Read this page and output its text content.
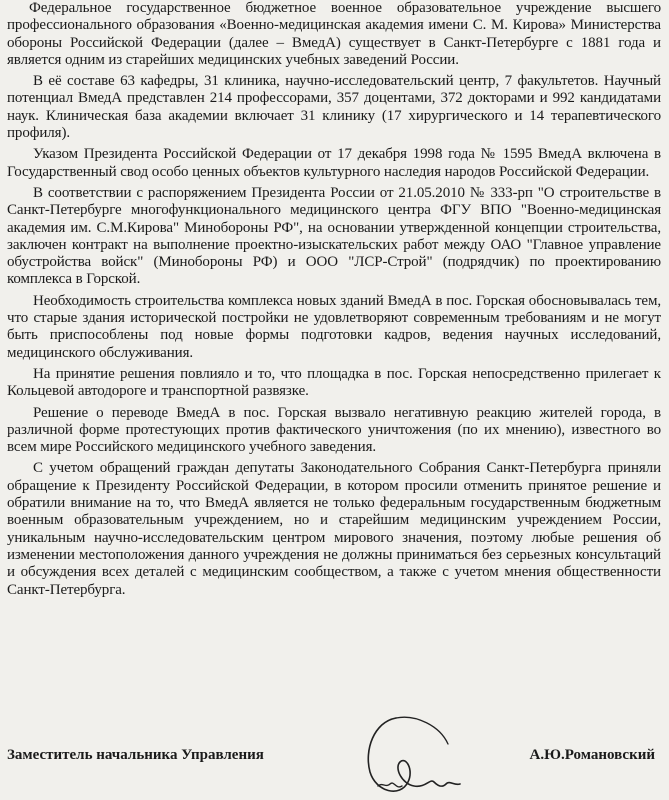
Федеральное государственное бюджетное военное образовательное учреждение высшего профессионального образования «Военно-медицинская академия имени С. М. Кирова» Министерства обороны Российской Федерации (далее – ВмедА) существует в Санкт-Петербурге с 1881 года и является одним из старейших медицинских учебных заведений России.

В её составе 63 кафедры, 31 клиника, научно-исследовательский центр, 7 факультетов. Научный потенциал ВмедА представлен 214 профессорами, 357 доцентами, 372 докторами и 992 кандидатами наук. Клиническая база академии включает 31 клинику (17 хирургического и 14 терапевтического профиля).

Указом Президента Российской Федерации от 17 декабря 1998 года № 1595 ВмедА включена в Государственный свод особо ценных объектов культурного наследия народов Российской Федерации.

В соответствии с распоряжением Президента России от 21.05.2010 № 333-рп "О строительстве в Санкт-Петербурге многофункционального медицинского центра ФГУ ВПО "Военно-медицинская академия им. С.М.Кирова" Минобороны РФ", на основании утвержденной концепции строительства, заключен контракт на выполнение проектно-изыскательских работ между ОАО "Главное управление обустройства войск" (Минобороны РФ) и ООО "ЛСР-Строй" (подрядчик) по проектированию комплекса в Горской.

Необходимость строительства комплекса новых зданий ВмедА в пос. Горская обосновывалась тем, что старые здания исторической постройки не удовлетворяют современным требованиям и не могут быть приспособлены под новые формы подготовки кадров, ведения научных исследований, медицинского обслуживания.

На принятие решения повлияло и то, что площадка в пос. Горская непосредственно прилегает к Кольцевой автодороге и транспортной развязке.

Решение о переводе ВмедА в пос. Горская вызвало негативную реакцию жителей города, в различной форме протестующих против фактического уничтожения (по их мнению), известного во всем мире Российского медицинского учебного заведения.

С учетом обращений граждан депутаты Законодательного Собрания Санкт-Петербурга приняли обращение к Президенту Российской Федерации, в котором просили отменить принятое решение и обратили внимание на то, что ВмедА является не только федеральным государственным бюджетным военным образовательным учреждением, но и старейшим медицинским учреждением России, уникальным научно-исследовательским центром мирового значения, поэтому любые решения об изменении местоположения данного учреждения не должны приниматься без серьезных консультаций и обсуждения всех деталей с медицинским сообществом, а также с учетом мнения общественности Санкт-Петербурга.

Заместитель начальника Управления	А.Ю.Романовский
